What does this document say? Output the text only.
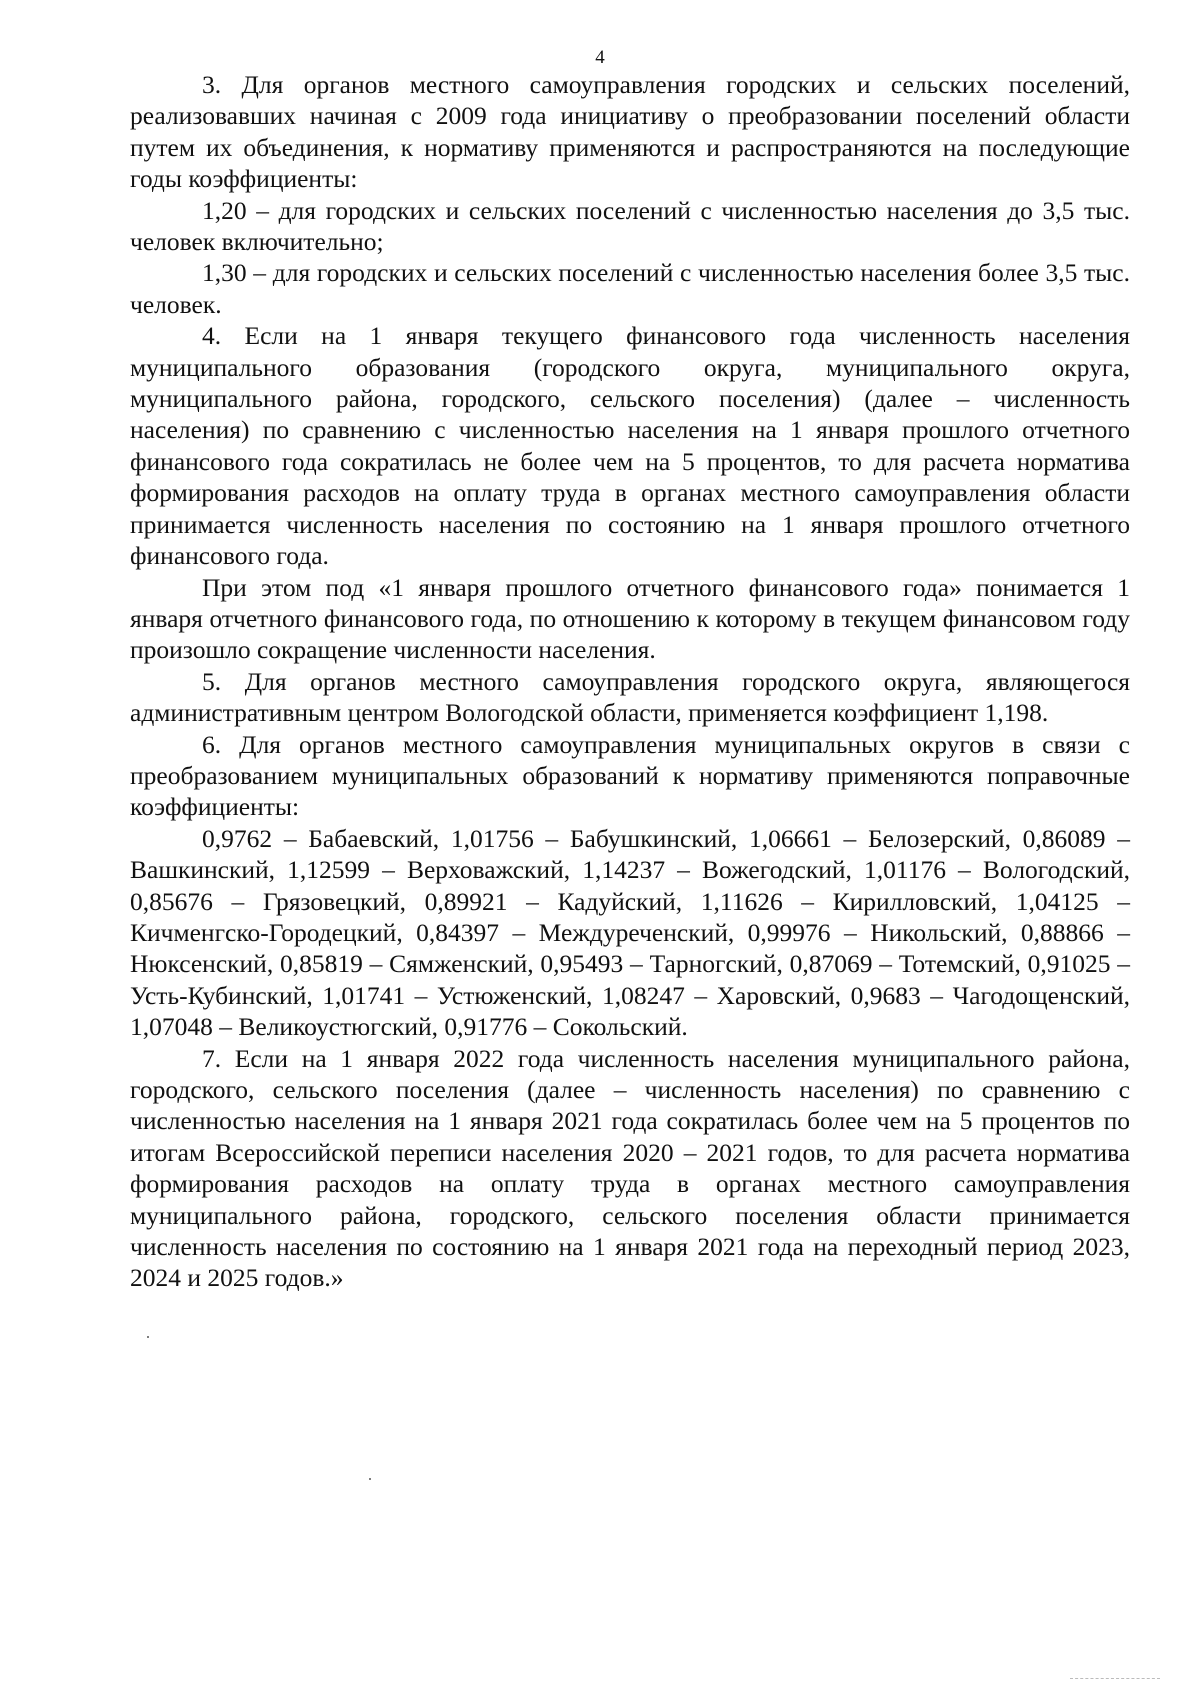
4

3. Для органов местного самоуправления городских и сельских поселений, реализовавших начиная с 2009 года инициативу о преобразовании поселений области путем их объединения, к нормативу применяются и распространяются на последующие годы коэффициенты:

1,20 – для городских и сельских поселений с численностью населения до 3,5 тыс. человек включительно;

1,30 – для городских и сельских поселений с численностью населения более 3,5 тыс. человек.

4. Если на 1 января текущего финансового года численность населения муниципального образования (городского округа, муниципального округа, муниципального района, городского, сельского поселения) (далее – численность населения) по сравнению с численностью населения на 1 января прошлого отчетного финансового года сократилась не более чем на 5 процентов, то для расчета норматива формирования расходов на оплату труда в органах местного самоуправления области принимается численность населения по состоянию на 1 января прошлого отчетного финансового года.

При этом под «1 января прошлого отчетного финансового года» понимается 1 января отчетного финансового года, по отношению к которому в текущем финансовом году произошло сокращение численности населения.

5. Для органов местного самоуправления городского округа, являющегося административным центром Вологодской области, применяется коэффициент 1,198.

6. Для органов местного самоуправления муниципальных округов в связи с преобразованием муниципальных образований к нормативу применяются поправочные коэффициенты:

0,9762 – Бабаевский, 1,01756 – Бабушкинский, 1,06661 – Белозерский, 0,86089 – Вашкинский, 1,12599 – Верховажский, 1,14237 – Вожегодский, 1,01176 – Вологодский, 0,85676 – Грязовецкий, 0,89921 – Кадуйский, 1,11626 – Кирилловский, 1,04125 – Кичменгско-Городецкий, 0,84397 – Междуреченский, 0,99976 – Никольский, 0,88866 – Нюксенский, 0,85819 – Сямженский, 0,95493 – Тарногский, 0,87069 – Тотемский, 0,91025 – Усть-Кубинский, 1,01741 – Устюженский, 1,08247 – Харовский, 0,9683 – Чагодощенский, 1,07048 – Великоустюгский, 0,91776 – Сокольский.

7. Если на 1 января 2022 года численность населения муниципального района, городского, сельского поселения (далее – численность населения) по сравнению с численностью населения на 1 января 2021 года сократилась более чем на 5 процентов по итогам Всероссийской переписи населения 2020 – 2021 годов, то для расчета норматива формирования расходов на оплату труда в органах местного самоуправления муниципального района, городского, сельского поселения области принимается численность населения по состоянию на 1 января 2021 года на переходный период 2023, 2024 и 2025 годов.»
